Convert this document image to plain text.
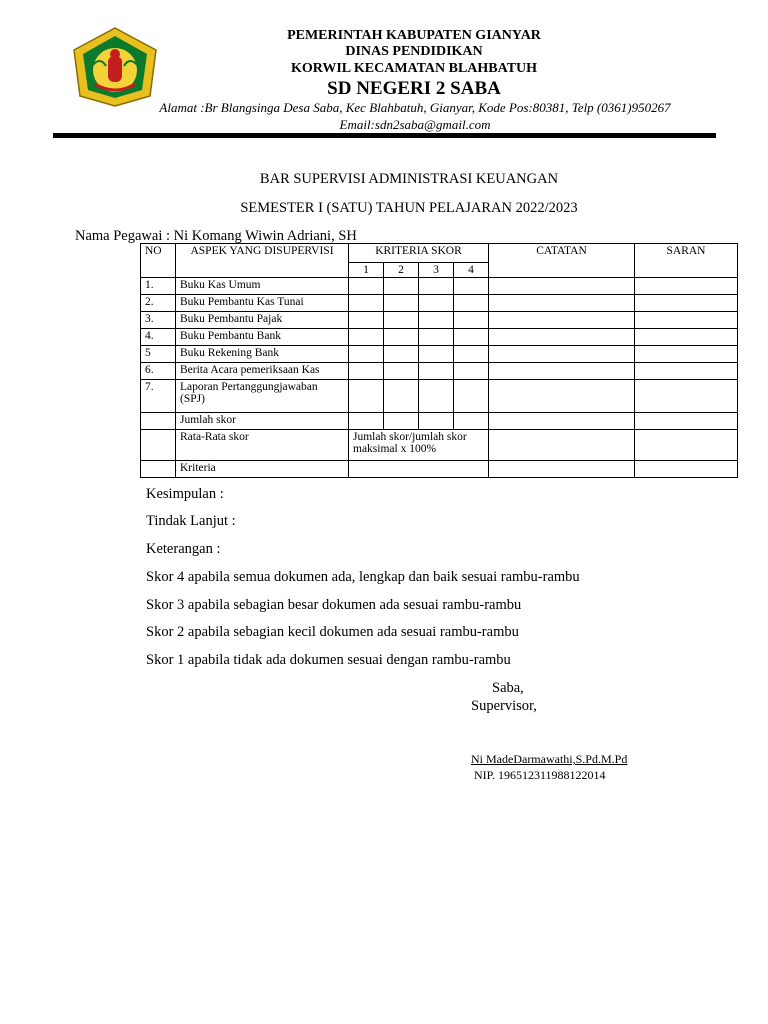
PEMERINTAH KABUPATEN GIANYAR
DINAS PENDIDIKAN
KORWIL KECAMATAN BLAHBATUH
SD NEGERI 2 SABA
Alamat :Br Blangsinga Desa Saba, Kec Blahbatuh, Gianyar, Kode Pos:80381, Telp (0361)950267
Email:sdn2saba@gmail.com
BAR SUPERVISI ADMINISTRASI KEUANGAN
SEMESTER I (SATU) TAHUN PELAJARAN 2022/2023
Nama Pegawai : Ni Komang Wiwin Adriani, SH
NO	ASPEK YANG DISUPERVISI	KRITERIA SKOR				CATATAN	SARAN
		1	2	3	4		
1.	Buku Kas Umum						
2.	Buku Pembantu Kas Tunai						
3.	Buku Pembantu Pajak						
4.	Buku Pembantu Bank						
5	Buku Rekening Bank						
6.	Berita Acara pemeriksaan Kas						
7.	Laporan Pertanggungjawaban (SPJ)						
	Jumlah skor						
	Rata-Rata skor	Jumlah skor/jumlah skor maksimal x 100%					
	Kriteria						
Kesimpulan :
Tindak Lanjut :
Keterangan :
Skor 4 apabila semua dokumen ada, lengkap dan baik sesuai rambu-rambu
Skor 3 apabila sebagian besar dokumen ada sesuai rambu-rambu
Skor 2 apabila sebagian kecil dokumen ada sesuai rambu-rambu
Skor 1 apabila tidak ada dokumen sesuai dengan rambu-rambu
Saba,
Supervisor,
Ni MadeDarmawathi,S.Pd.M.Pd
NIP. 196512311988122014
